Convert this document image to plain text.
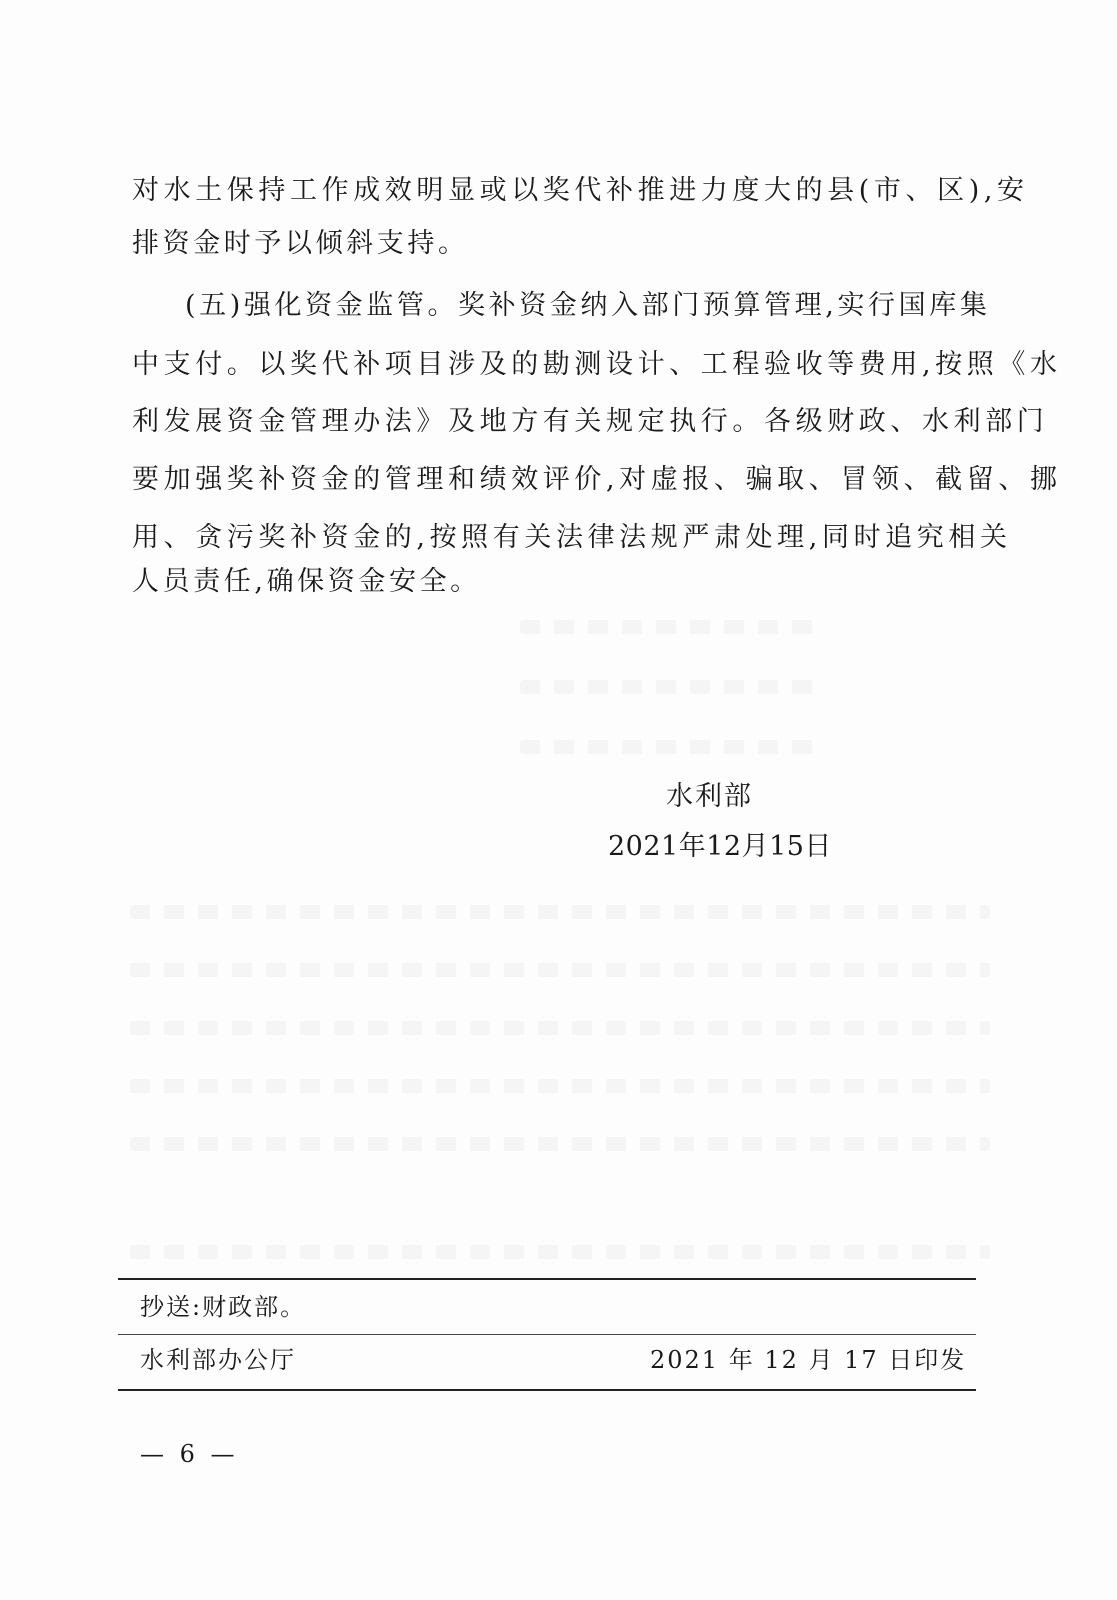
对水土保持工作成效明显或以奖代补推进力度大的县(市、区),安
排资金时予以倾斜支持。
(五)强化资金监管。奖补资金纳入部门预算管理,实行国库集
中支付。以奖代补项目涉及的勘测设计、工程验收等费用,按照《水
利发展资金管理办法》及地方有关规定执行。各级财政、水利部门
要加强奖补资金的管理和绩效评价,对虚报、骗取、冒领、截留、挪
用、贪污奖补资金的,按照有关法律法规严肃处理,同时追究相关
人员责任,确保资金安全。
水利部
2021年12月15日
抄送:财政部。
水利部办公厅	2021 年 12 月 17 日印发
— 6 —
